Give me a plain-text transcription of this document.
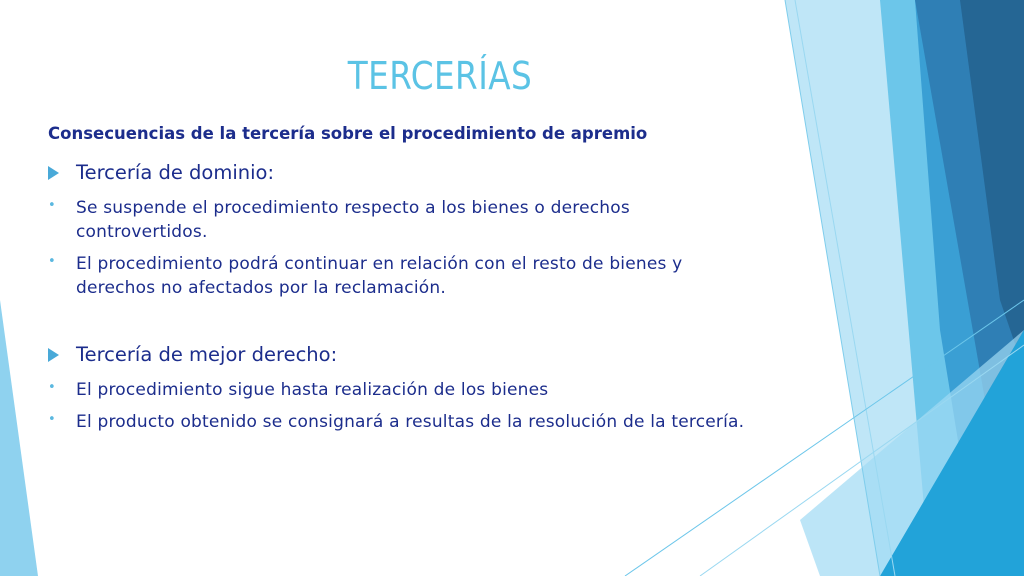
TERCERÍAS
Consecuencias de la tercería sobre el procedimiento de apremio
Tercería de dominio:
•	Se suspende el procedimiento respecto a los bienes o derechos controvertidos.
•	El procedimiento podrá continuar en relación con el resto de bienes y derechos no afectados por la reclamación.
Tercería de mejor derecho:
•	El procedimiento sigue hasta realización de los bienes
•	El producto obtenido se consignará a resultas de la resolución de la tercería.
